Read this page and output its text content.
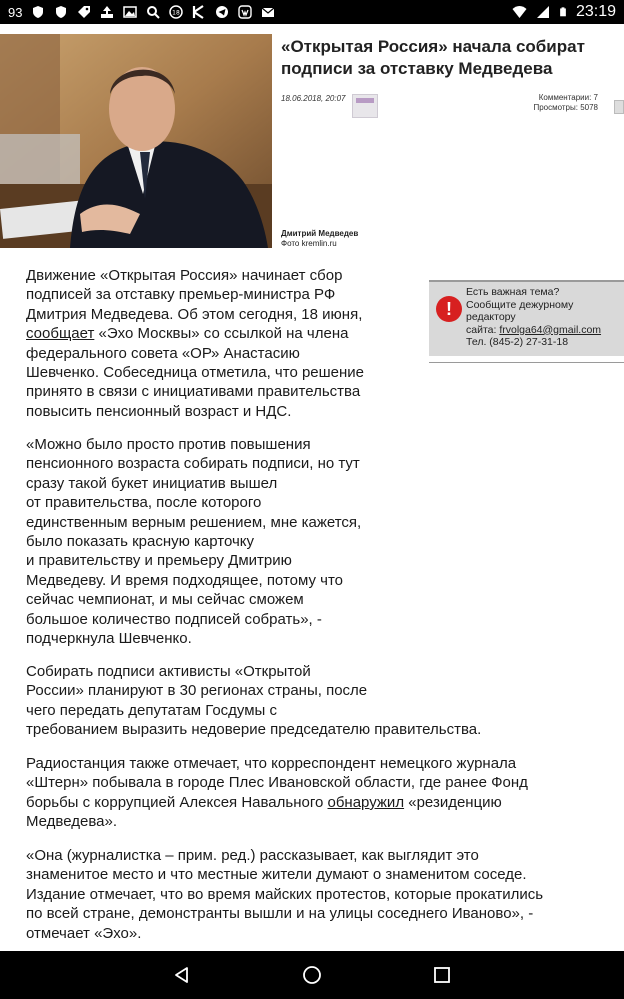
93	18	23:19
«Открытая Россия» начала собират
подписи за отставку Медведева
18.06.2018, 20:07	Комментарии: 7
Просмотры: 5078
Дмитрий Медведев
Фото kremlin.ru
!
Есть важная тема?
Сообщите дежурному
редактору
сайта: frvolga64@gmail.com
Тел. (845-2) 27-31-18
Движение «Открытая Россия» начинает сбор
подписей за отставку премьер-министра РФ
Дмитрия Медведева. Об этом сегодня, 18 июня,
сообщает «Эхо Москвы» со ссылкой на члена
федерального совета «ОР» Анастасию
Шевченко. Собеседница отметила, что решение
принято в связи с инициативами правительства
повысить пенсионный возраст и НДС.
«Можно было просто против повышения
пенсионного возраста собирать подписи, но тут
сразу такой букет инициатив вышел
от правительства, после которого
единственным верным решением, мне кажется,
было показать красную карточку
и правительству и премьеру Дмитрию
Медведеву. И время подходящее, потому что
сейчас чемпионат, и мы сейчас сможем
большое количество подписей собрать», -
подчеркнула Шевченко.
Собирать подписи активисты «Открытой
России» планируют в 30 регионах страны, после
чего передать депутатам Госдумы с
требованием выразить недоверие председателю правительства.
Радиостанция также отмечает, что корреспондент немецкого журнала
«Штерн» побывала в городе Плес Ивановской области, где ранее Фонд
борьбы с коррупцией Алексея Навального обнаружил «резиденцию
Медведева».
«Она (журналистка – прим. ред.) рассказывает, как выглядит это
знаменитое место и что местные жители думают о знаменитом соседе.
Издание отмечает, что во время майских протестов, которые прокатились
по всей стране, демонстранты вышли и на улицы соседнего Иваново», -
отмечает «Эхо».
